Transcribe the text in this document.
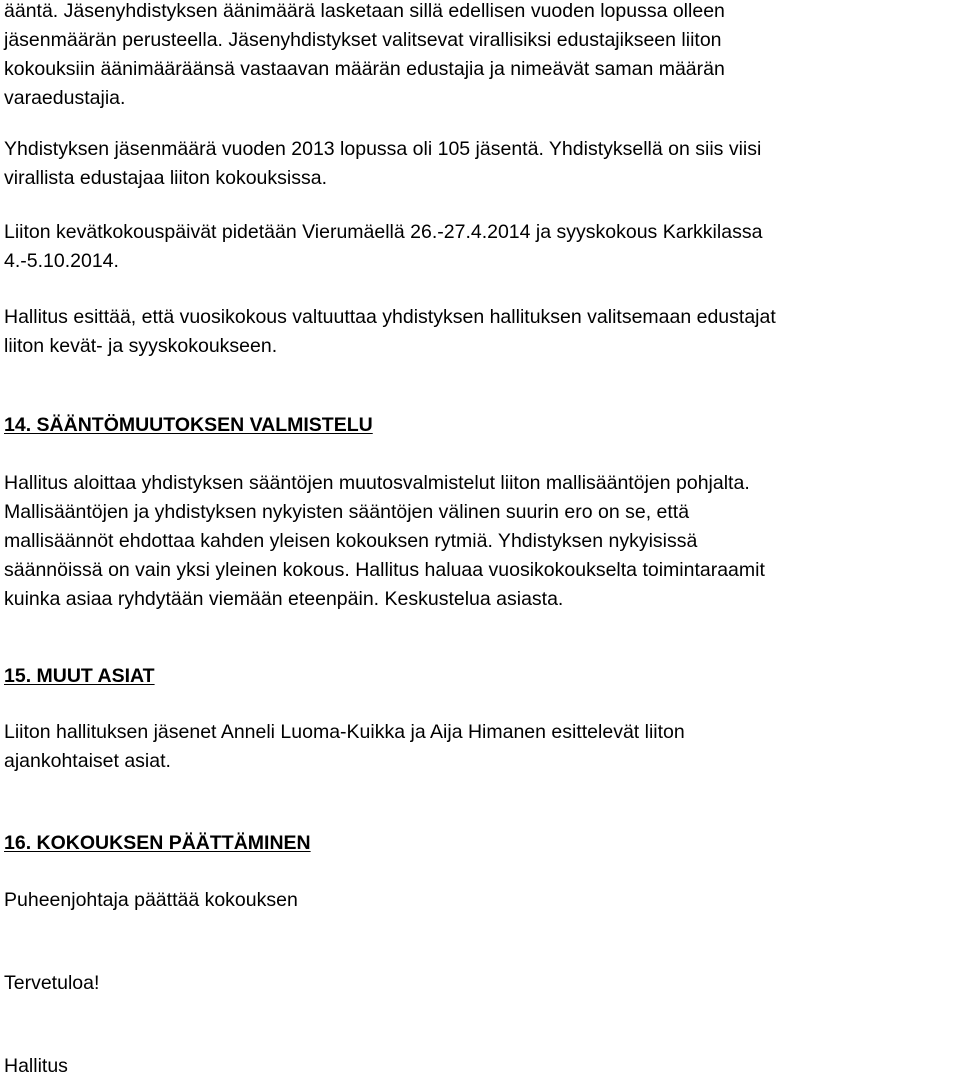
ääntä. Jäsenyhdistyksen äänimäärä lasketaan sillä edellisen vuoden lopussa olleen
jäsenmäärän perusteella. Jäsenyhdistykset valitsevat virallisiksi edustajikseen liiton
kokouksiin äänimääräänsä vastaavan määrän edustajia ja nimeävät saman määrän
varaedustajia.
Yhdistyksen jäsenmäärä vuoden 2013 lopussa oli 105 jäsentä. Yhdistyksellä on siis viisi
virallista edustajaa liiton kokouksissa.
Liiton kevätkokouspäivät pidetään Vierumäellä 26.-27.4.2014 ja syyskokous Karkkilassa
4.-5.10.2014.
Hallitus esittää, että vuosikokous valtuuttaa yhdistyksen hallituksen valitsemaan edustajat
liiton kevät- ja syyskokoukseen.
14. SÄÄNTÖMUUTOKSEN VALMISTELU
Hallitus aloittaa yhdistyksen sääntöjen muutosvalmistelut liiton mallisääntöjen pohjalta.
Mallisääntöjen ja yhdistyksen nykyisten sääntöjen välinen suurin ero on se, että
mallisäännöt ehdottaa kahden yleisen kokouksen rytmiä. Yhdistyksen nykyisissä
säännöissä on vain yksi yleinen kokous. Hallitus haluaa vuosikokoukselta toimintaraamit
kuinka asiaa ryhdytään viemään eteenpäin. Keskustelua asiasta.
15. MUUT ASIAT
Liiton hallituksen jäsenet Anneli Luoma-Kuikka ja Aija Himanen esittelevät liiton
ajankohtaiset asiat.
16. KOKOUKSEN PÄÄTTÄMINEN
Puheenjohtaja päättää kokouksen
Tervetuloa!
Hallitus
